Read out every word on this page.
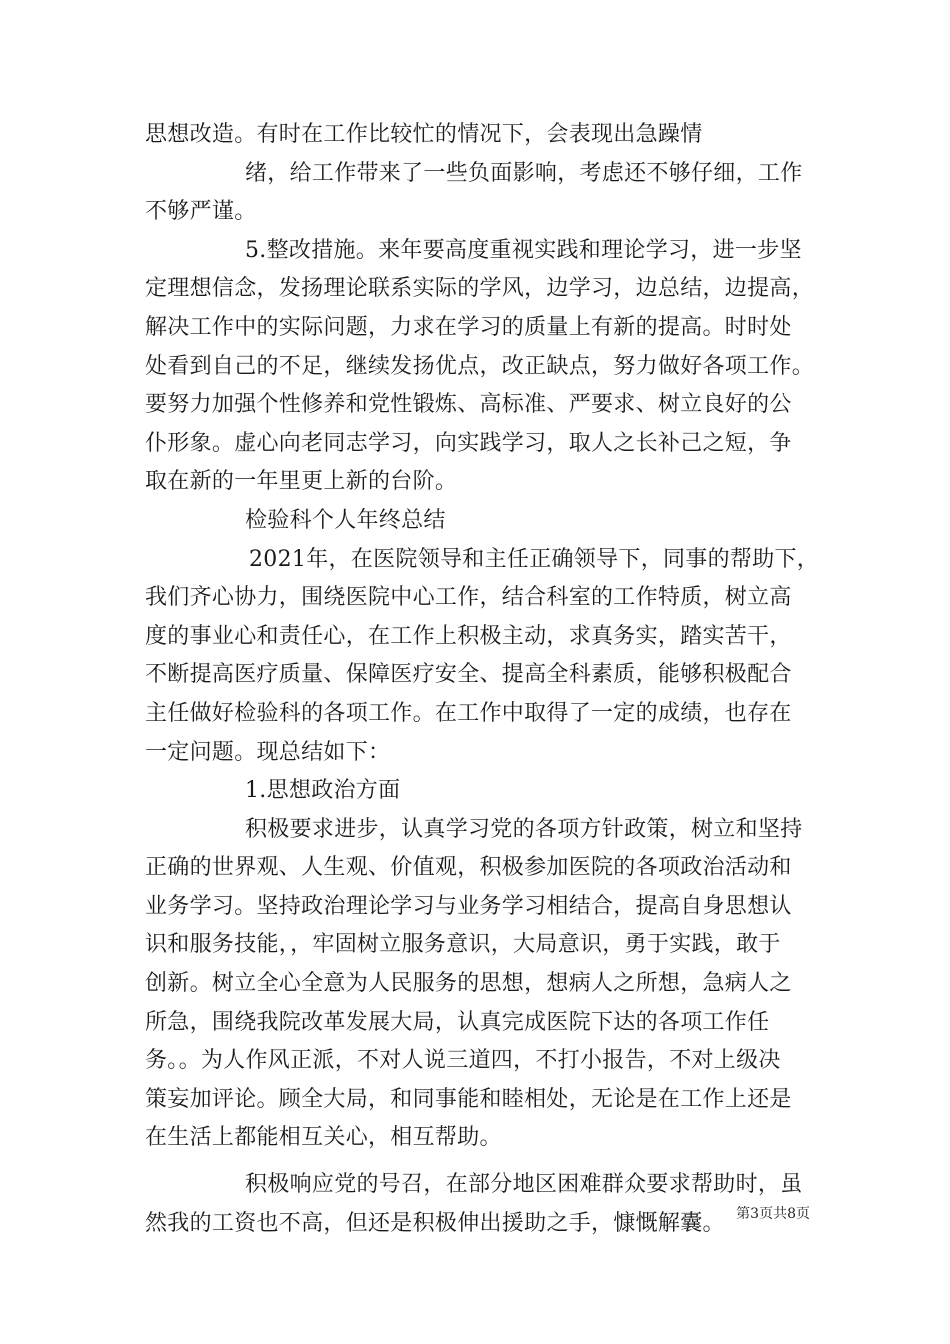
思想改造。有时在工作比较忙的情况下，会表现出急躁情
绪，给工作带来了一些负面影响，考虑还不够仔细，工作
不够严谨。
5.整改措施。来年要高度重视实践和理论学习，进一步坚
定理想信念，发扬理论联系实际的学风，边学习，边总结，边提高，
解决工作中的实际问题，力求在学习的质量上有新的提高。时时处
处看到自己的不足，继续发扬优点，改正缺点，努力做好各项工作。
要努力加强个性修养和党性锻炼、高标准、严要求、树立良好的公
仆形象。虚心向老同志学习，向实践学习，取人之长补己之短，争
取在新的一年里更上新的台阶。
检验科个人年终总结
2021年，在医院领导和主任正确领导下，同事的帮助下，
我们齐心协力，围绕医院中心工作，结合科室的工作特质，树立高
度的事业心和责任心，在工作上积极主动，求真务实，踏实苦干，
不断提高医疗质量、保障医疗安全、提高全科素质，能够积极配合
主任做好检验科的各项工作。在工作中取得了一定的成绩，也存在
一定问题。现总结如下：
1.思想政治方面
积极要求进步，认真学习党的各项方针政策，树立和坚持
正确的世界观、人生观、价值观，积极参加医院的各项政治活动和
业务学习。坚持政治理论学习与业务学习相结合，提高自身思想认
识和服务技能，，牢固树立服务意识，大局意识，勇于实践，敢于
创新。树立全心全意为人民服务的思想，想病人之所想，急病人之
所急，围绕我院改革发展大局，认真完成医院下达的各项工作任
务。。为人作风正派，不对人说三道四，不打小报告，不对上级决
策妄加评论。顾全大局，和同事能和睦相处，无论是在工作上还是
在生活上都能相互关心，相互帮助。
积极响应党的号召，在部分地区困难群众要求帮助时，虽
然我的工资也不高，但还是积极伸出援助之手，慷慨解囊。 第3页共8页
